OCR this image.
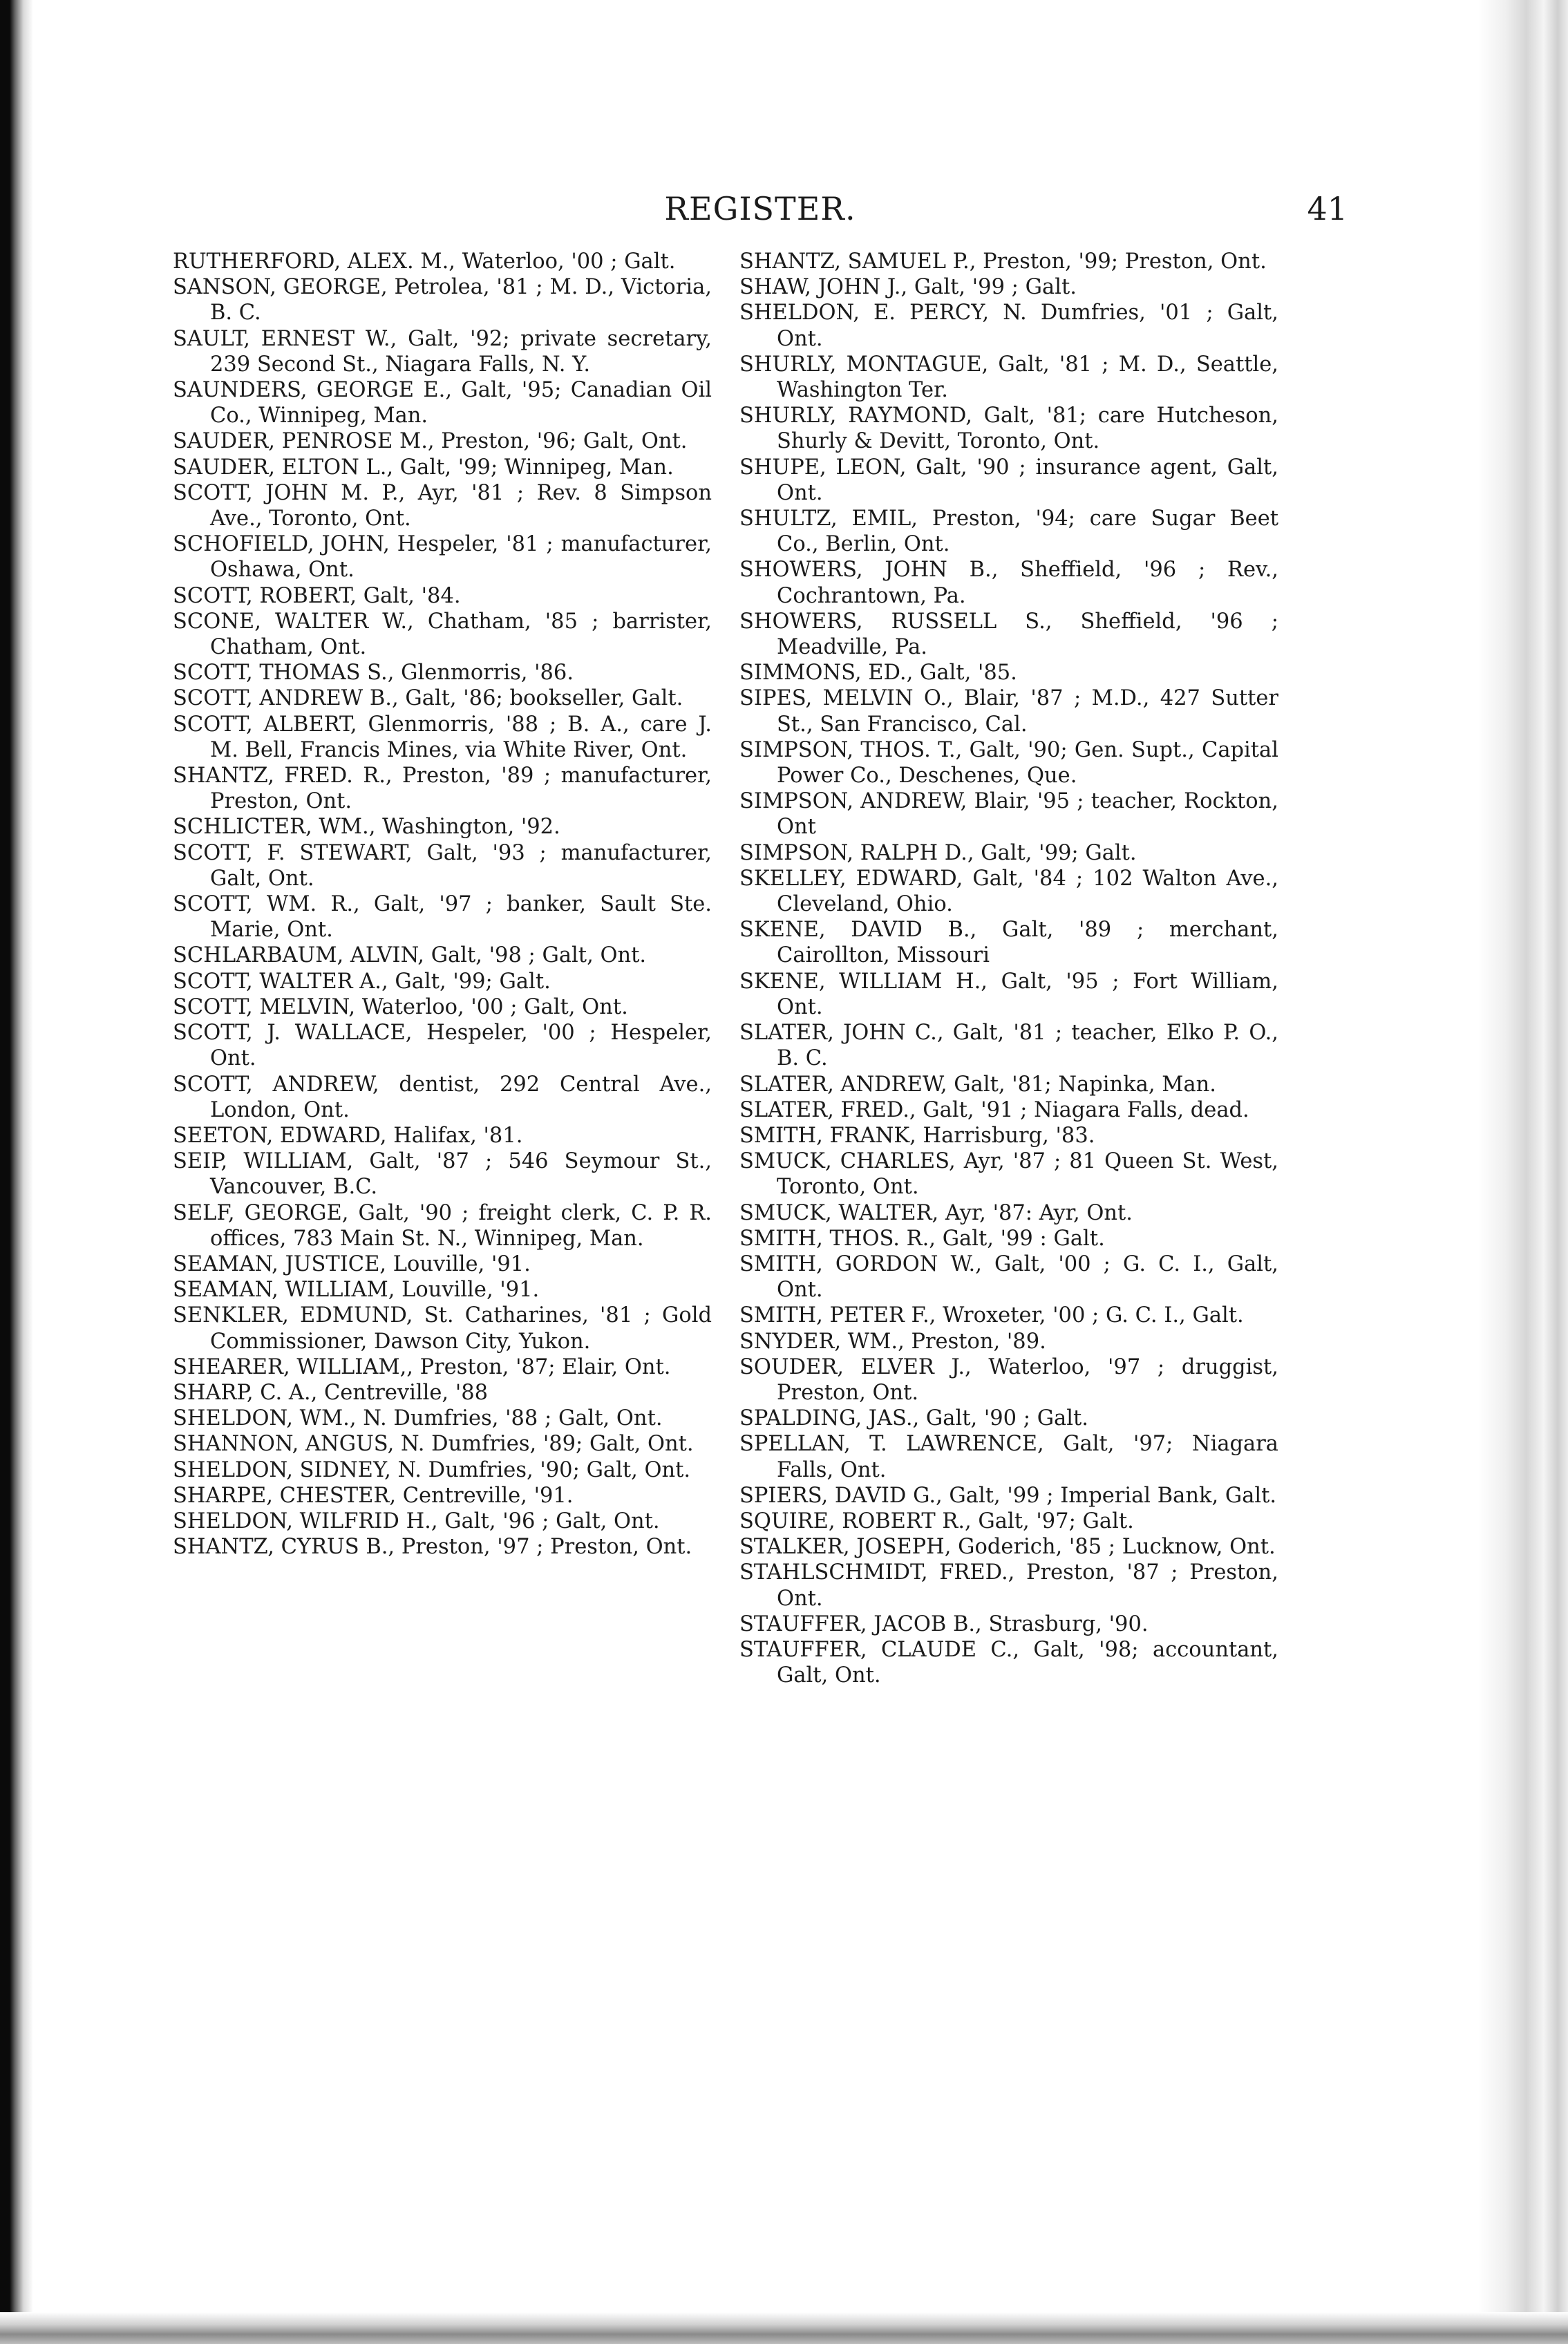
REGISTER.	41

RUTHERFORD, ALEX. M., Waterloo, '00 ; Galt.

SANSON, GEORGE, Petrolea, '81 ; M. D., Victoria, B. C.

SAULT, ERNEST W., Galt, '92; private secretary, 239 Second St., Niagara Falls, N. Y.

SAUNDERS, GEORGE E., Galt, '95; Canadian Oil Co., Winnipeg, Man.

SAUDER, PENROSE M., Preston, '96; Galt, Ont.

SAUDER, ELTON L., Galt, '99; Winnipeg, Man.

SCOTT, JOHN M. P., Ayr, '81 ; Rev. 8 Simpson Ave., Toronto, Ont.

SCHOFIELD, JOHN, Hespeler, '81 ; manufacturer, Oshawa, Ont.

SCOTT, ROBERT, Galt, '84.

SCONE, WALTER W., Chatham, '85 ; barrister, Chatham, Ont.

SCOTT, THOMAS S., Glenmorris, '86.

SCOTT, ANDREW B., Galt, '86; bookseller, Galt.

SCOTT, ALBERT, Glenmorris, '88 ; B. A., care J. M. Bell, Francis Mines, via White River, Ont.

SHANTZ, FRED. R., Preston, '89 ; manufacturer, Preston, Ont.

SCHLICTER, WM., Washington, '92.

SCOTT, F. STEWART, Galt, '93 ; manufacturer, Galt, Ont.

SCOTT, WM. R., Galt, '97 ; banker, Sault Ste. Marie, Ont.

SCHLARBAUM, ALVIN, Galt, '98 ; Galt, Ont.

SCOTT, WALTER A., Galt, '99; Galt.

SCOTT, MELVIN, Waterloo, '00 ; Galt, Ont.

SCOTT, J. WALLACE, Hespeler, '00 ; Hespeler, Ont.

SCOTT, ANDREW, dentist, 292 Central Ave., London, Ont.

SEETON, EDWARD, Halifax, '81.

SEIP, WILLIAM, Galt, '87 ; 546 Seymour St., Vancouver, B.C.

SELF, GEORGE, Galt, '90 ; freight clerk, C. P. R. offices, 783 Main St. N., Winnipeg, Man.

SEAMAN, JUSTICE, Louville, '91.

SEAMAN, WILLIAM, Louville, '91.

SENKLER, EDMUND, St. Catharines, '81 ; Gold Commissioner, Dawson City, Yukon.

SHEARER, WILLIAM,, Preston, '87; Elair, Ont.

SHARP, C. A., Centreville, '88

SHELDON, WM., N. Dumfries, '88 ; Galt, Ont.

SHANNON, ANGUS, N. Dumfries, '89; Galt, Ont.

SHELDON, SIDNEY, N. Dumfries, '90; Galt, Ont.

SHARPE, CHESTER, Centreville, '91.

SHELDON, WILFRID H., Galt, '96 ; Galt, Ont.

SHANTZ, CYRUS B., Preston, '97 ; Preston, Ont.

SHANTZ, SAMUEL P., Preston, '99; Preston, Ont.

SHAW, JOHN J., Galt, '99 ; Galt.

SHELDON, E. PERCY, N. Dumfries, '01 ; Galt, Ont.

SHURLY, MONTAGUE, Galt, '81 ; M. D., Seattle, Washington Ter.

SHURLY, RAYMOND, Galt, '81; care Hutcheson, Shurly & Devitt, Toronto, Ont.

SHUPE, LEON, Galt, '90 ; insurance agent, Galt, Ont.

SHULTZ, EMIL, Preston, '94; care Sugar Beet Co., Berlin, Ont.

SHOWERS, JOHN B., Sheffield, '96 ; Rev., Cochrantown, Pa.

SHOWERS, RUSSELL S., Sheffield, '96 ; Meadville, Pa.

SIMMONS, ED., Galt, '85.

SIPES, MELVIN O., Blair, '87 ; M.D., 427 Sutter St., San Francisco, Cal.

SIMPSON, THOS. T., Galt, '90; Gen. Supt., Capital Power Co., Deschenes, Que.

SIMPSON, ANDREW, Blair, '95 ; teacher, Rockton, Ont

SIMPSON, RALPH D., Galt, '99; Galt.

SKELLEY, EDWARD, Galt, '84 ; 102 Walton Ave., Cleveland, Ohio.

SKENE, DAVID B., Galt, '89 ; merchant, Cairollton, Missouri

SKENE, WILLIAM H., Galt, '95 ; Fort William, Ont.

SLATER, JOHN C., Galt, '81 ; teacher, Elko P. O., B. C.

SLATER, ANDREW, Galt, '81; Napinka, Man.

SLATER, FRED., Galt, '91 ; Niagara Falls, dead.

SMITH, FRANK, Harrisburg, '83.

SMUCK, CHARLES, Ayr, '87 ; 81 Queen St. West, Toronto, Ont.

SMUCK, WALTER, Ayr, '87: Ayr, Ont.

SMITH, THOS. R., Galt, '99 : Galt.

SMITH, GORDON W., Galt, '00 ; G. C. I., Galt, Ont.

SMITH, PETER F., Wroxeter, '00 ; G. C. I., Galt.

SNYDER, WM., Preston, '89.

SOUDER, ELVER J., Waterloo, '97 ; druggist, Preston, Ont.

SPALDING, JAS., Galt, '90 ; Galt.

SPELLAN, T. LAWRENCE, Galt, '97; Niagara Falls, Ont.

SPIERS, DAVID G., Galt, '99 ; Imperial Bank, Galt.

SQUIRE, ROBERT R., Galt, '97; Galt.

STALKER, JOSEPH, Goderich, '85 ; Lucknow, Ont.

STAHLSCHMIDT, FRED., Preston, '87 ; Preston, Ont.

STAUFFER, JACOB B., Strasburg, '90.

STAUFFER, CLAUDE C., Galt, '98; accountant, Galt, Ont.
